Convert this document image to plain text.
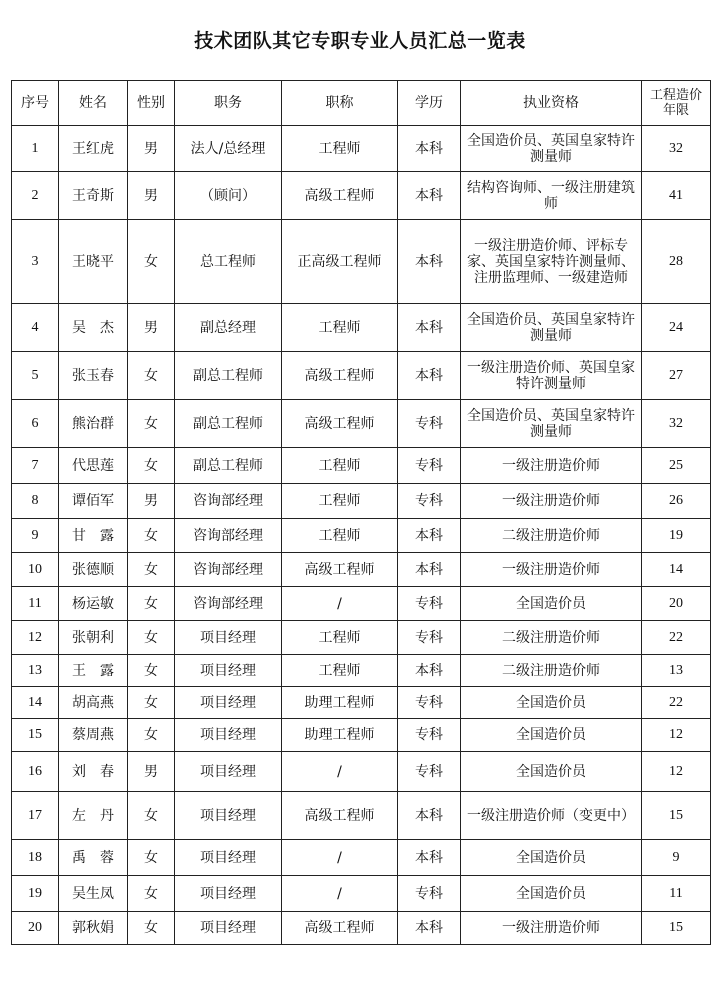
技术团队其它专职专业人员汇总一览表
序号	姓名	性别	职务	职称	学历	执业资格	工程造价年限
1	王红虎	男	法人/总经理	工程师	本科	全国造价员、英国皇家特许测量师	32
2	王奇斯	男	（顾问）	高级工程师	本科	结构咨询师、一级注册建筑师	41
3	王晓平	女	总工程师	正高级工程师	本科	一级注册造价师、评标专家、英国皇家特许测量师、注册监理师、一级建造师	28
4	吴　杰	男	副总经理	工程师	本科	全国造价员、英国皇家特许测量师	24
5	张玉春	女	副总工程师	高级工程师	本科	一级注册造价师、英国皇家特许测量师	27
6	熊治群	女	副总工程师	高级工程师	专科	全国造价员、英国皇家特许测量师	32
7	代思莲	女	副总工程师	工程师	专科	一级注册造价师	25
8	谭佰军	男	咨询部经理	工程师	专科	一级注册造价师	26
9	甘　露	女	咨询部经理	工程师	本科	二级注册造价师	19
10	张德顺	女	咨询部经理	高级工程师	本科	一级注册造价师	14
11	杨运敏	女	咨询部经理	/	专科	全国造价员	20
12	张朝利	女	项目经理	工程师	专科	二级注册造价师	22
13	王　露	女	项目经理	工程师	本科	二级注册造价师	13
14	胡高燕	女	项目经理	助理工程师	专科	全国造价员	22
15	蔡周燕	女	项目经理	助理工程师	专科	全国造价员	12
16	刘　春	男	项目经理	/	专科	全国造价员	12
17	左　丹	女	项目经理	高级工程师	本科	一级注册造价师（变更中）	15
18	禹　蓉	女	项目经理	/	本科	全国造价员	9
19	吴生凤	女	项目经理	/	专科	全国造价员	11
20	郭秋娟	女	项目经理	高级工程师	本科	一级注册造价师	15
